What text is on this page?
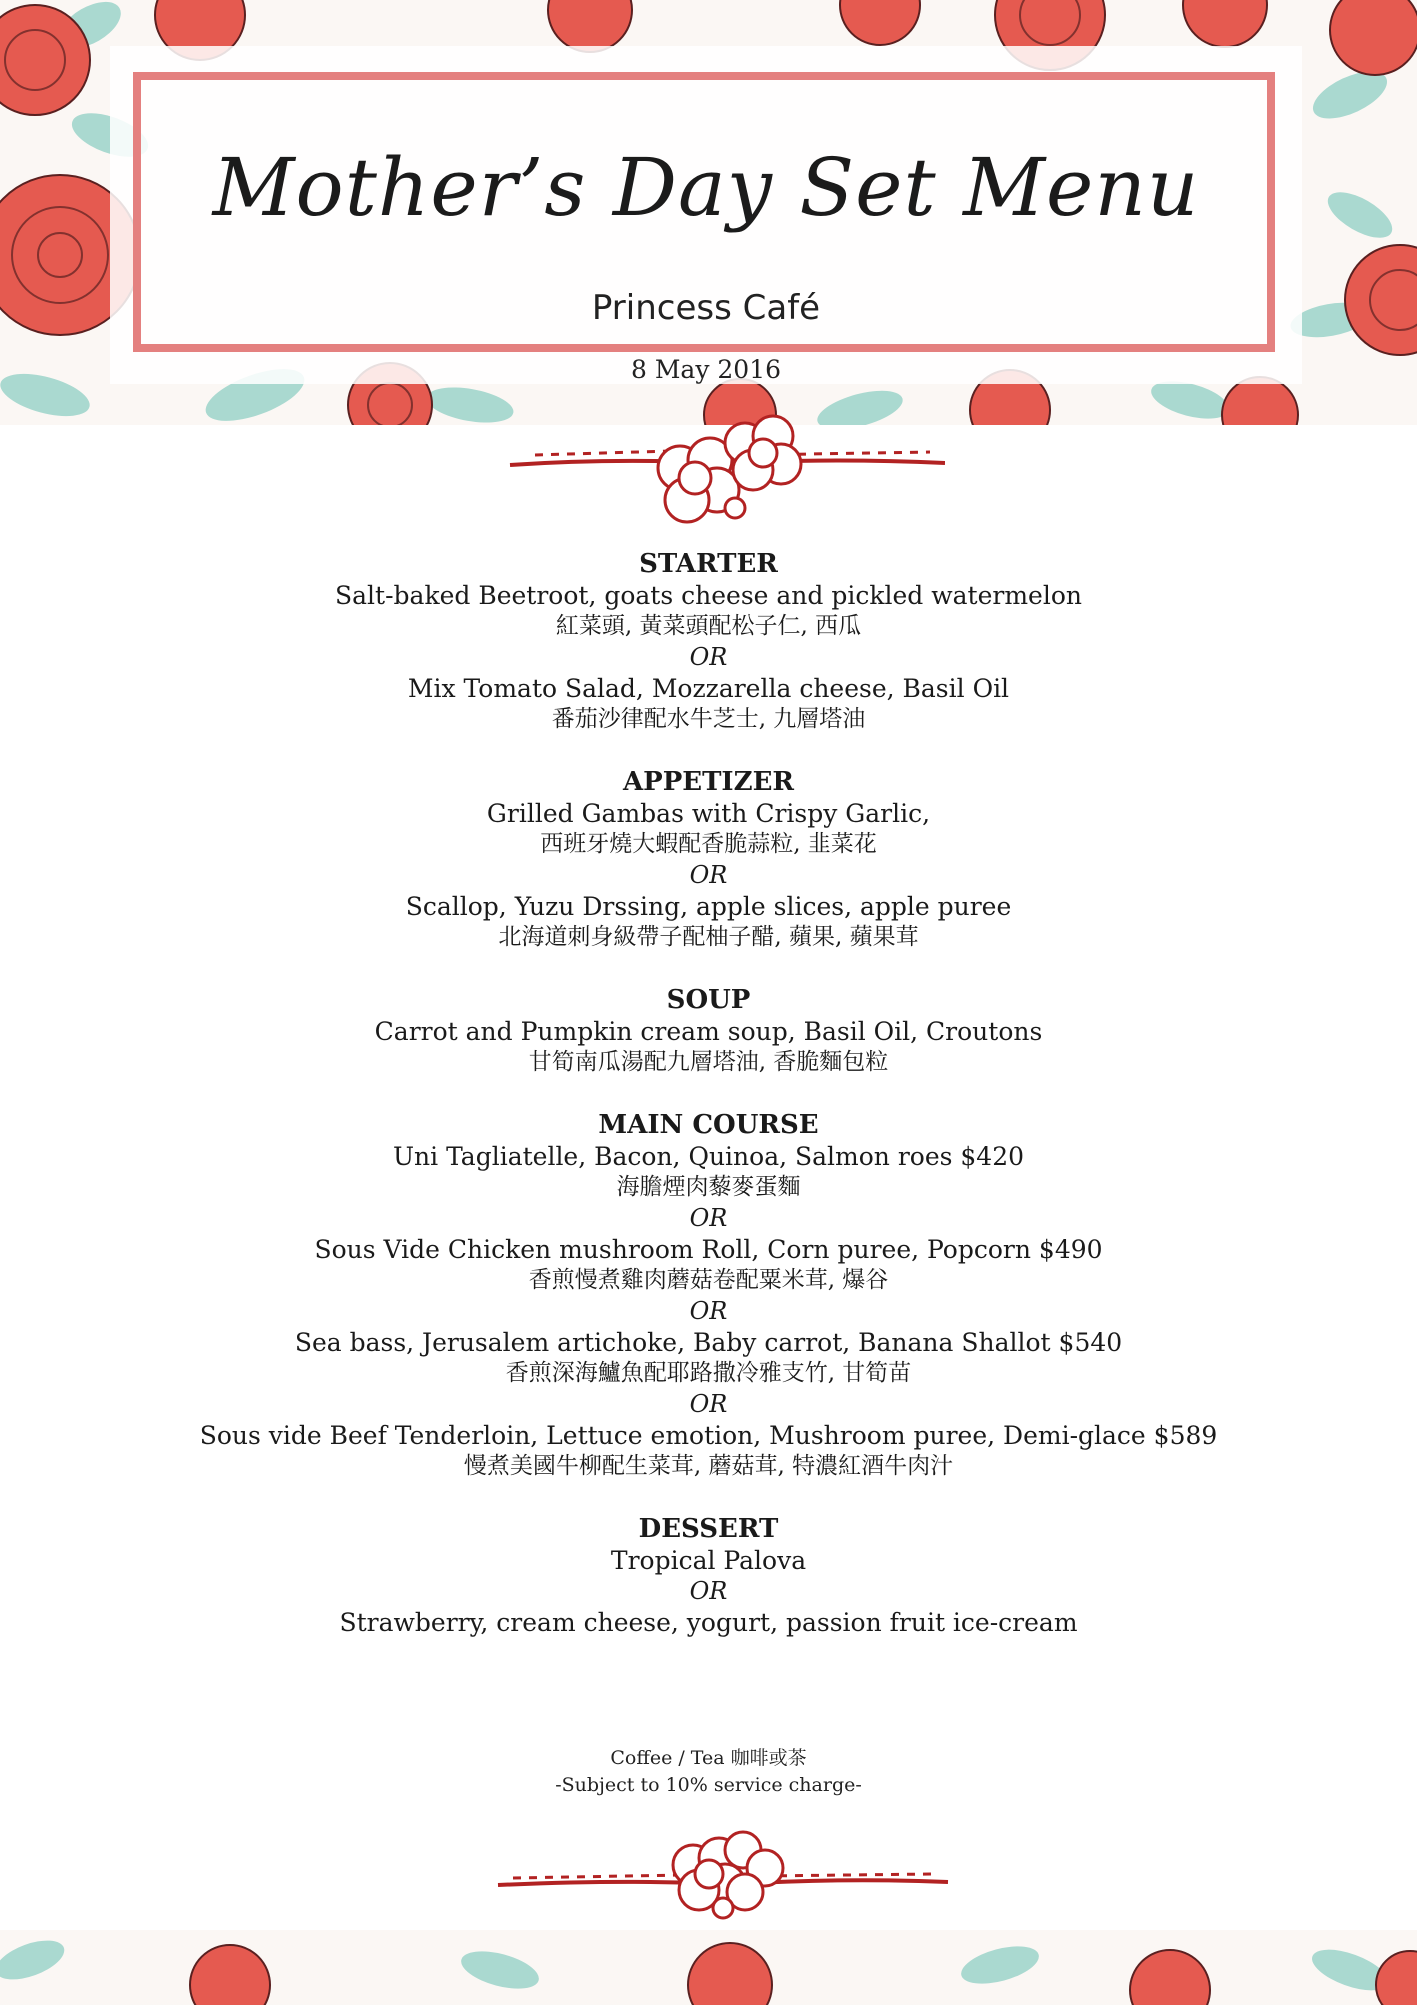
Mother’s Day Set Menu
Princess Café
8 May 2016
STARTER
Salt-baked Beetroot, goats cheese and pickled watermelon
紅菜頭, 黃菜頭配松子仁, 西瓜
OR
Mix Tomato Salad, Mozzarella cheese, Basil Oil
番茄沙律配水牛芝士, 九層塔油
APPETIZER
Grilled Gambas with Crispy Garlic,
西班牙燒大蝦配香脆蒜粒, 韭菜花
OR
Scallop, Yuzu Drssing, apple slices, apple puree
北海道刺身級帶子配柚子醋, 蘋果, 蘋果茸
SOUP
Carrot and Pumpkin cream soup, Basil Oil, Croutons
甘筍南瓜湯配九層塔油, 香脆麵包粒
MAIN COURSE
Uni Tagliatelle, Bacon, Quinoa, Salmon roes $420
海膽煙肉藜麥蛋麵
OR
Sous Vide Chicken mushroom Roll, Corn puree, Popcorn $490
香煎慢煮雞肉蘑菇卷配粟米茸, 爆谷
OR
Sea bass, Jerusalem artichoke, Baby carrot, Banana Shallot $540
香煎深海鱸魚配耶路撒冷雅支竹, 甘筍苗
OR
Sous vide Beef Tenderloin, Lettuce emotion, Mushroom puree, Demi-glace $589
慢煮美國牛柳配生菜茸, 蘑菇茸, 特濃紅酒牛肉汁
DESSERT
Tropical Palova
OR
Strawberry, cream cheese, yogurt, passion fruit ice-cream
Coffee / Tea 咖啡或茶
-Subject to 10% service charge-
